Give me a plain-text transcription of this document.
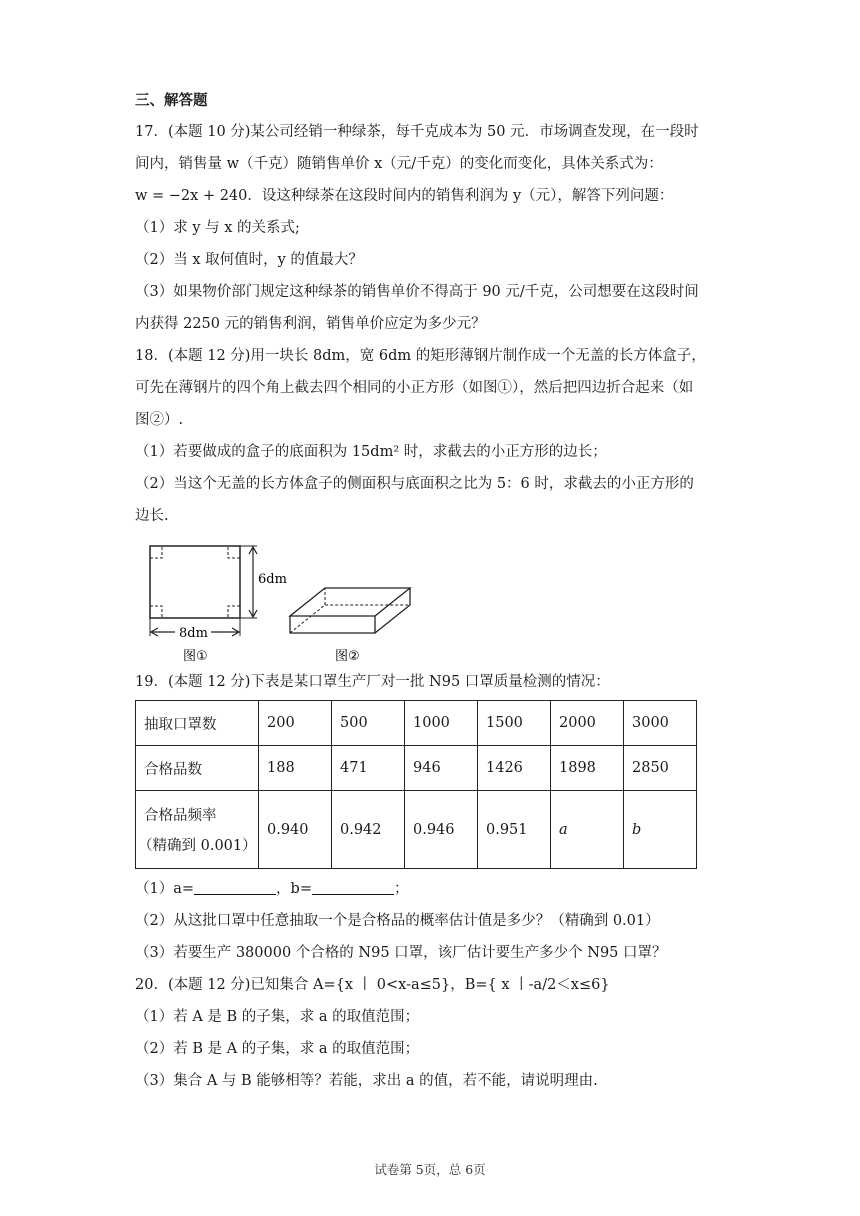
三、解答题
17．(本题 10 分)某公司经销一种绿茶，每千克成本为 50 元．市场调查发现，在一段时
间内，销售量 w（千克）随销售单价 x（元/千克）的变化而变化，具体关系式为：
w = −2x + 240．设这种绿茶在这段时间内的销售利润为 y（元），解答下列问题：
（1）求 y 与 x 的关系式;
（2）当 x 取何值时，y 的值最大？
（3）如果物价部门规定这种绿茶的销售单价不得高于 90 元/千克，公司想要在这段时间
内获得 2250 元的销售利润，销售单价应定为多少元？
18．(本题 12 分)用一块长 8dm，宽 6dm 的矩形薄钢片制作成一个无盖的长方体盒子，
可先在薄钢片的四个角上截去四个相同的小正方形（如图①），然后把四边折合起来（如
图②）.
（1）若要做成的盒子的底面积为 15dm² 时，求截去的小正方形的边长；
（2）当这个无盖的长方体盒子的侧面积与底面积之比为 5：6 时，求截去的小正方形的
边长.
6dm
8dm
图①	图②
19．(本题 12 分)下表是某口罩生产厂对一批 N95 口罩质量检测的情况：
抽取口罩数	200	500	1000	1500	2000	3000
合格品数	188	471	946	1426	1898	2850

合格品频率
（精确到 0.001）	0.940	0.942	0.946	0.951	a	b
（1）a=	，b=	；
（2）从这批口罩中任意抽取一个是合格品的概率估计值是多少？（精确到 0.01）
（3）若要生产 380000 个合格的 N95 口罩，该厂估计要生产多少个 N95 口罩？
20．(本题 12 分)已知集合 A={x 丨 0<x-a≤5}，B={ x 丨-a/2＜x≤6}
（1）若 A 是 B 的子集，求 a 的取值范围；
（2）若 B 是 A 的子集，求 a 的取值范围；
（3）集合 A 与 B 能够相等？若能，求出 a 的值，若不能，请说明理由.
试卷第 5页，总 6页
